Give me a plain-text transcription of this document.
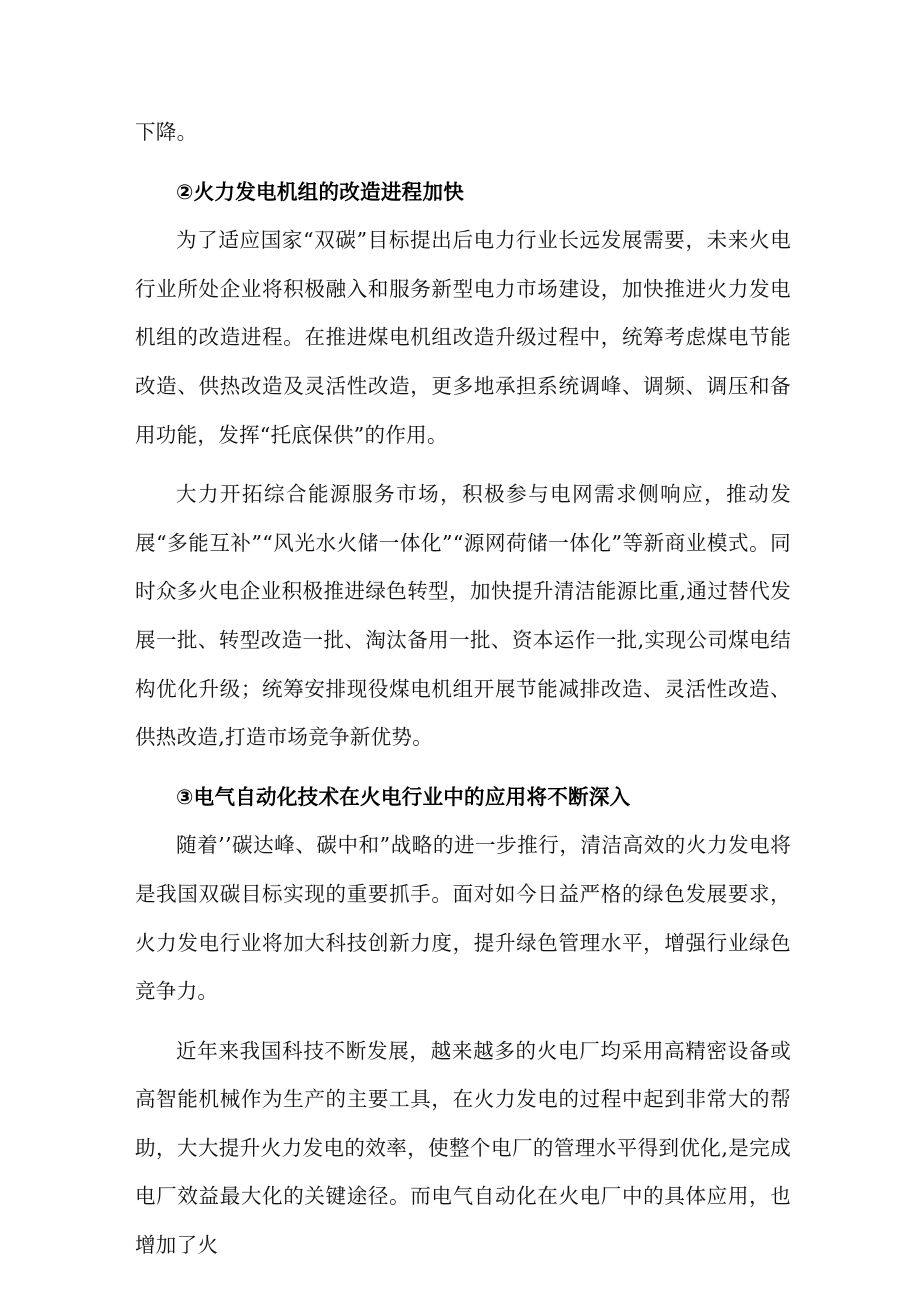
下降。

②火力发电机组的改造进程加快

为了适应国家“双碳”目标提出后电力行业长远发展需要，未来火电行业所处企业将积极融入和服务新型电力市场建设，加快推进火力发电机组的改造进程。在推进煤电机组改造升级过程中，统筹考虑煤电节能改造、供热改造及灵活性改造，更多地承担系统调峰、调频、调压和备用功能，发挥“托底保供”的作用。

大力开拓综合能源服务市场，积极参与电网需求侧响应，推动发展“多能互补”“风光水火储一体化”“源网荷储一体化”等新商业模式。同时众多火电企业积极推进绿色转型，加快提升清洁能源比重,通过替代发展一批、转型改造一批、淘汰备用一批、资本运作一批,实现公司煤电结构优化升级；统筹安排现役煤电机组开展节能减排改造、灵活性改造、供热改造,打造市场竞争新优势。

③电气自动化技术在火电行业中的应用将不断深入

随着’’碳达峰、碳中和”战略的进一步推行，清洁高效的火力发电将是我国双碳目标实现的重要抓手。面对如今日益严格的绿色发展要求，火力发电行业将加大科技创新力度，提升绿色管理水平，增强行业绿色竞争力。

近年来我国科技不断发展，越来越多的火电厂均采用高精密设备或高智能机械作为生产的主要工具，在火力发电的过程中起到非常大的帮助，大大提升火力发电的效率，使整个电厂的管理水平得到优化,是完成电厂效益最大化的关键途径。而电气自动化在火电厂中的具体应用，也增加了火
